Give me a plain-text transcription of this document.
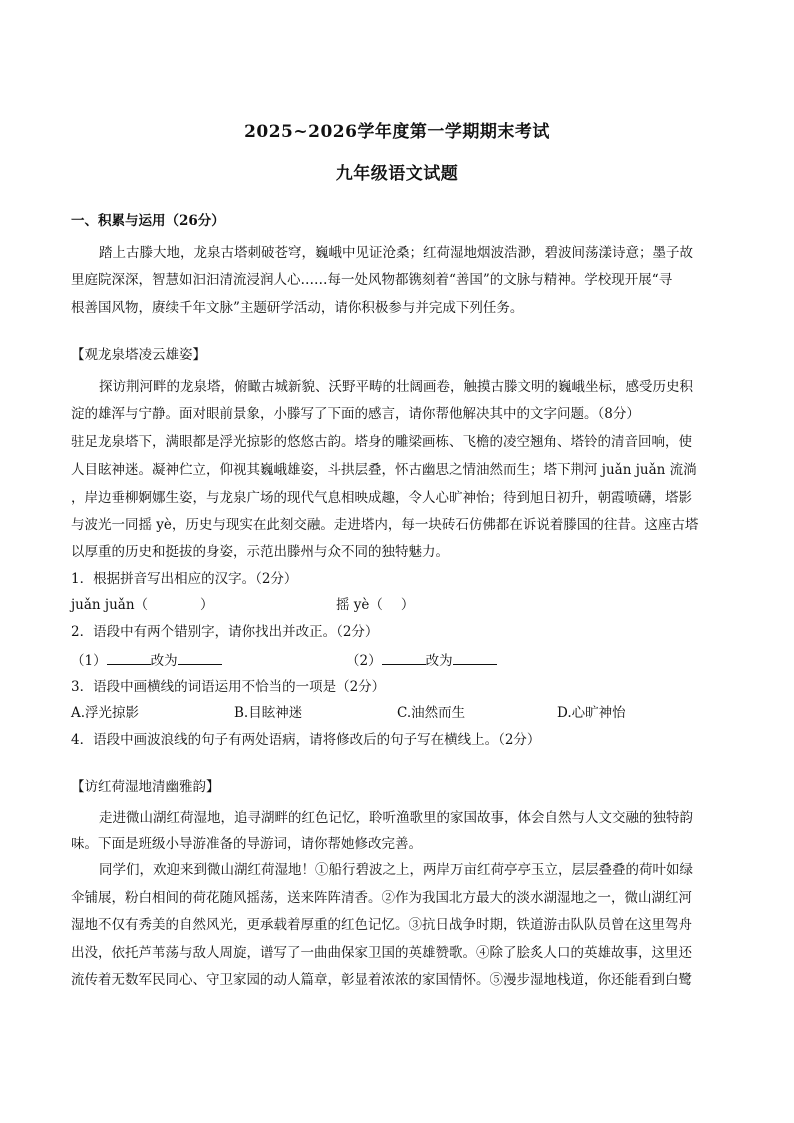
2025~2026学年度第一学期期末考试
九年级语文试题
一、积累与运用（26分）
踏上古滕大地，龙泉古塔刺破苍穹，巍峨中见证沧桑；红荷湿地烟波浩渺，碧波间荡漾诗意；墨子故
里庭院深深，智慧如汩汩清流浸润人心……每一处风物都镌刻着“善国”的文脉与精神。学校现开展“寻
根善国风物，赓续千年文脉”主题研学活动，请你积极参与并完成下列任务。
【观龙泉塔凌云雄姿】
探访荆河畔的龙泉塔，俯瞰古城新貌、沃野平畴的壮阔画卷，触摸古滕文明的巍峨坐标，感受历史积
淀的雄浑与宁静。面对眼前景象，小滕写了下面的感言，请你帮他解决其中的文字问题。（8分）
驻足龙泉塔下，满眼都是浮光掠影的悠悠古韵。塔身的雕梁画栋、飞檐的凌空翘角、塔铃的清音回响，使
人目眩神迷。凝神伫立，仰视其巍峨雄姿，斗拱层叠，怀古幽思之情油然而生；塔下荆河 juǎn juǎn 流淌
，岸边垂柳婀娜生姿，与龙泉广场的现代气息相映成趣，令人心旷神怡；待到旭日初升，朝霞喷礴，塔影
与波光一同摇 yè，历史与现实在此刻交融。走进塔内，每一块砖石仿佛都在诉说着滕国的往昔。这座古塔
以厚重的历史和挺拔的身姿，示范出滕州与众不同的独特魅力。
1．根据拼音写出相应的汉字。（2分）
juǎn juǎn（	）	摇 yè（ ）
2．语段中有两个错别字，请你找出并改正。（2分）
（1）	改为	（2）	改为
3．语段中画横线的词语运用不恰当的一项是（2分）
A.浮光掠影	B.目眩神迷	C.油然而生	D.心旷神怡
4．语段中画波浪线的句子有两处语病，请将修改后的句子写在横线上。（2分）
【访红荷湿地清幽雅韵】
走进微山湖红荷湿地，追寻湖畔的红色记忆，聆听渔歌里的家国故事，体会自然与人文交融的独特韵
味。下面是班级小导游准备的导游词，请你帮她修改完善。
同学们，欢迎来到微山湖红荷湿地！①船行碧波之上，两岸万亩红荷亭亭玉立，层层叠叠的荷叶如绿
伞铺展，粉白相间的荷花随风摇荡，送来阵阵清香。②作为我国北方最大的淡水湖湿地之一，微山湖红河
湿地不仅有秀美的自然风光，更承载着厚重的红色记忆。③抗日战争时期，铁道游击队队员曾在这里驾舟
出没，依托芦苇荡与敌人周旋，谱写了一曲曲保家卫国的英雄赞歌。④除了脍炙人口的英雄故事，这里还
流传着无数军民同心、守卫家园的动人篇章，彰显着浓浓的家国情怀。⑤漫步湿地栈道，你还能看到白鹭
